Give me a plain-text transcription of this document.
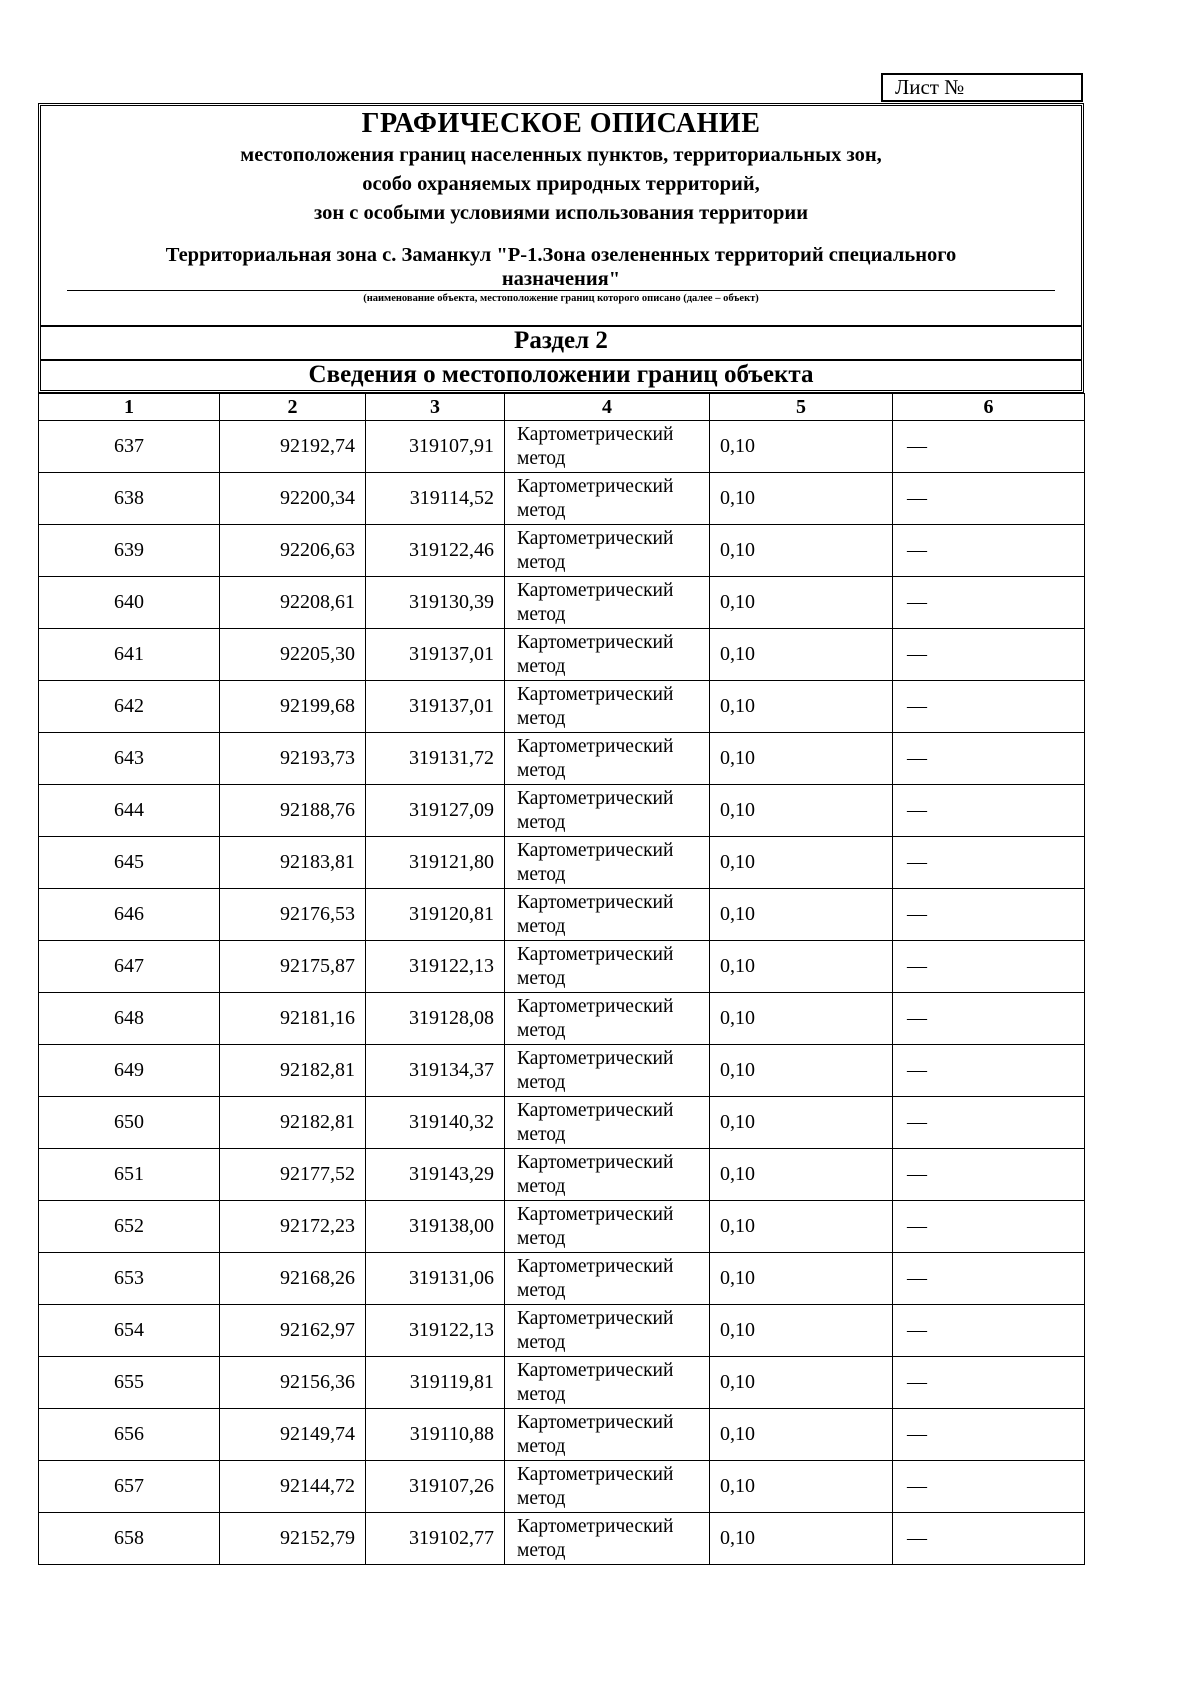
Лист №
ГРАФИЧЕСКОЕ ОПИСАНИЕ
местоположения границ населенных пунктов, территориальных зон,
особо охраняемых природных территорий,
зон с особыми условиями использования территории
Территориальная зона с. Заманкул "Р-1.Зона озелененных территорий специального
назначения"
(наименование объекта, местоположение границ которого описано (далее – объект)
Раздел 2
Сведения о местоположении границ объекта
1	2	3	4	5	6
637	92192,74	319107,91	Картометрический метод	0,10	—
638	92200,34	319114,52	Картометрический метод	0,10	—
639	92206,63	319122,46	Картометрический метод	0,10	—
640	92208,61	319130,39	Картометрический метод	0,10	—
641	92205,30	319137,01	Картометрический метод	0,10	—
642	92199,68	319137,01	Картометрический метод	0,10	—
643	92193,73	319131,72	Картометрический метод	0,10	—
644	92188,76	319127,09	Картометрический метод	0,10	—
645	92183,81	319121,80	Картометрический метод	0,10	—
646	92176,53	319120,81	Картометрический метод	0,10	—
647	92175,87	319122,13	Картометрический метод	0,10	—
648	92181,16	319128,08	Картометрический метод	0,10	—
649	92182,81	319134,37	Картометрический метод	0,10	—
650	92182,81	319140,32	Картометрический метод	0,10	—
651	92177,52	319143,29	Картометрический метод	0,10	—
652	92172,23	319138,00	Картометрический метод	0,10	—
653	92168,26	319131,06	Картометрический метод	0,10	—
654	92162,97	319122,13	Картометрический метод	0,10	—
655	92156,36	319119,81	Картометрический метод	0,10	—
656	92149,74	319110,88	Картометрический метод	0,10	—
657	92144,72	319107,26	Картометрический метод	0,10	—
658	92152,79	319102,77	Картометрический метод	0,10	—
